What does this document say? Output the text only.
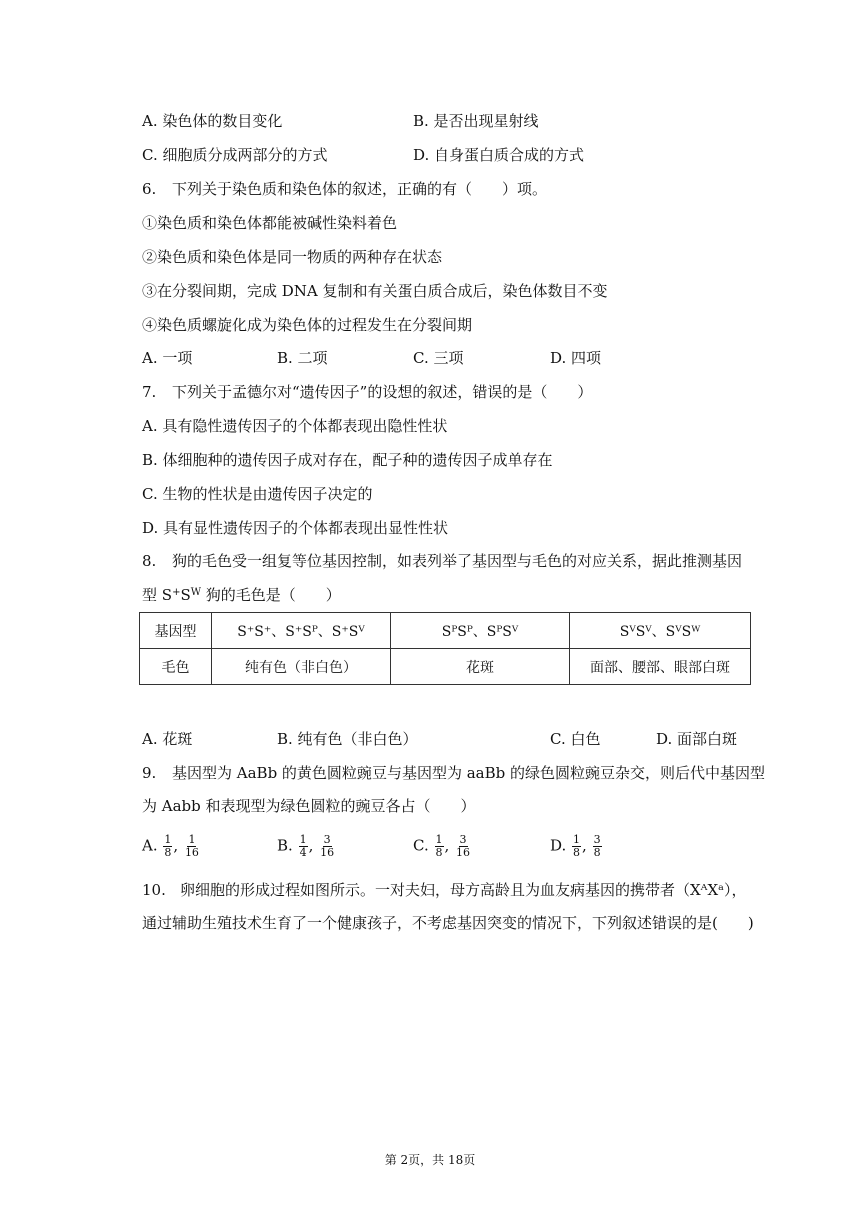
A. 染色体的数目变化	B. 是否出现星射线
C. 细胞质分成两部分的方式	D. 自身蛋白质合成的方式
6. 下列关于染色质和染色体的叙述，正确的有（　　）项。
①染色质和染色体都能被碱性染料着色
②染色质和染色体是同一物质的两种存在状态
③在分裂间期，完成 DNA 复制和有关蛋白质合成后，染色体数目不变
④染色质螺旋化成为染色体的过程发生在分裂间期
A. 一项	B. 二项	C. 三项	D. 四项
7. 下列关于孟德尔对“遗传因子”的设想的叙述，错误的是（　　）
A. 具有隐性遗传因子的个体都表现出隐性性状
B. 体细胞种的遗传因子成对存在，配子种的遗传因子成单存在
C. 生物的性状是由遗传因子决定的
D. 具有显性遗传因子的个体都表现出显性性状
8. 狗的毛色受一组复等位基因控制，如表列举了基因型与毛色的对应关系，据此推测基因
型 $S^+S^W$ 狗的毛色是（　　）
基因型	S⁺S⁺、S⁺Sᴾ、S⁺Sⱽ	SᴾSᴾ、SᴾSⱽ	SⱽSⱽ、SⱽSᵂ
毛色	纯有色（非白色）	花斑	面部、腰部、眼部白斑
A. 花斑	B. 纯有色（非白色）	C. 白色	D. 面部白斑
9. 基因型为 AaBb 的黄色圆粒豌豆与基因型为 aaBb 的绿色圆粒豌豆杂交，则后代中基因型
为 Aabb 和表现型为绿色圆粒的豌豆各占（　　）
A. $\frac{1}{8}$ , $\frac{1}{16}$	B. $\frac{1}{4}$ , $\frac{3}{16}$	C. $\frac{1}{8}$ , $\frac{3}{16}$	D. $\frac{1}{8}$ , $\frac{3}{8}$
10. 卵细胞的形成过程如图所示。一对夫妇，母方高龄且为血友病基因的携带者（XᴬXᵃ），
通过辅助生殖技术生育了一个健康孩子，不考虑基因突变的情况下，下列叙述错误的是(　　)
第 2页，共 18页
